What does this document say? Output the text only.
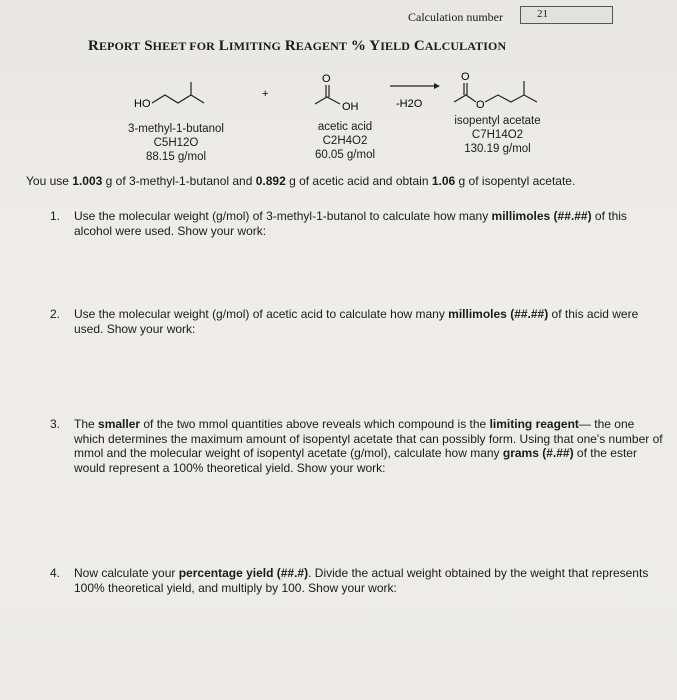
Calculation number	21
REPORT SHEET FOR LIMITING REAGENT % YIELD CALCULATION
HO
+
O
OH	-H2O
O
O
3-methyl-1-butanol
C5H12O
88.15 g/mol
acetic acid
C2H4O2
60.05 g/mol
isopentyl acetate
C7H14O2
130.19 g/mol
You use 1.003 g of 3-methyl-1-butanol and 0.892 g of acetic acid and obtain 1.06 g of isopentyl acetate.
1. Use the molecular weight (g/mol) of 3-methyl-1-butanol to calculate how many millimoles (##.##) of this alcohol were used. Show your work:
2. Use the molecular weight (g/mol) of acetic acid to calculate how many millimoles (##.##) of this acid were used. Show your work:
3. The smaller of the two mmol quantities above reveals which compound is the limiting reagent— the one which determines the maximum amount of isopentyl acetate that can possibly form. Using that one's number of mmol and the molecular weight of isopentyl acetate (g/mol), calculate how many grams (#.##) of the ester would represent a 100% theoretical yield. Show your work:
4. Now calculate your percentage yield (##.#). Divide the actual weight obtained by the weight that represents 100% theoretical yield, and multiply by 100. Show your work:
